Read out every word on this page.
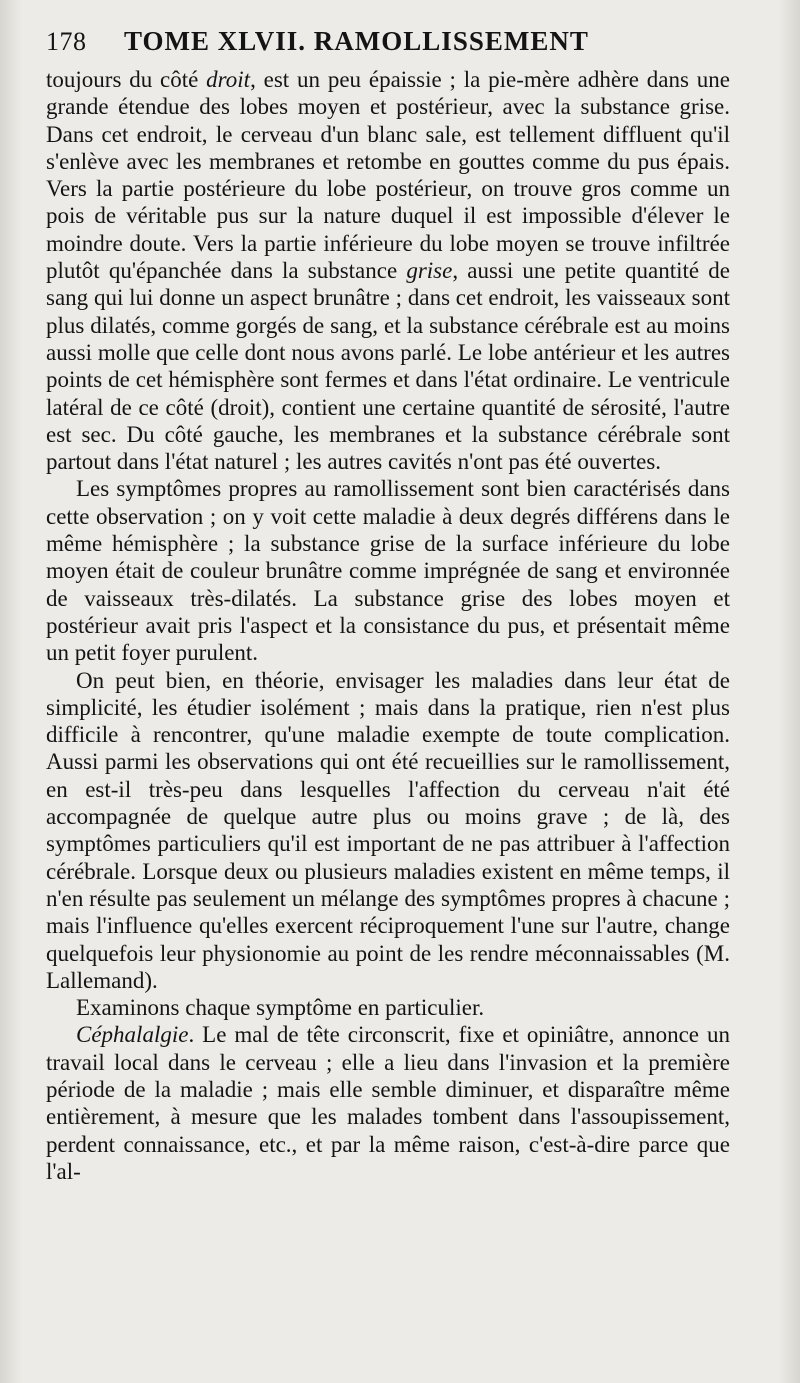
178	TOME XLVII. RAMOLLISSEMENT

toujours du côté droit, est un peu épaissie ; la pie-mère adhère dans une grande étendue des lobes moyen et postérieur, avec la substance grise. Dans cet endroit, le cerveau d'un blanc sale, est tellement diffluent qu'il s'enlève avec les membranes et retombe en gouttes comme du pus épais. Vers la partie postérieure du lobe postérieur, on trouve gros comme un pois de véritable pus sur la nature duquel il est impossible d'élever le moindre doute. Vers la partie inférieure du lobe moyen se trouve infiltrée plutôt qu'épanchée dans la substance grise, aussi une petite quantité de sang qui lui donne un aspect brunâtre ; dans cet endroit, les vaisseaux sont plus dilatés, comme gorgés de sang, et la substance cérébrale est au moins aussi molle que celle dont nous avons parlé. Le lobe antérieur et les autres points de cet hémisphère sont fermes et dans l'état ordinaire. Le ventricule latéral de ce côté (droit), contient une certaine quantité de sérosité, l'autre est sec. Du côté gauche, les membranes et la substance cérébrale sont partout dans l'état naturel ; les autres cavités n'ont pas été ouvertes.

Les symptômes propres au ramollissement sont bien caractérisés dans cette observation ; on y voit cette maladie à deux degrés différens dans le même hémisphère ; la substance grise de la surface inférieure du lobe moyen était de couleur brunâtre comme imprégnée de sang et environnée de vaisseaux très-dilatés. La substance grise des lobes moyen et postérieur avait pris l'aspect et la consistance du pus, et présentait même un petit foyer purulent.

On peut bien, en théorie, envisager les maladies dans leur état de simplicité, les étudier isolément ; mais dans la pratique, rien n'est plus difficile à rencontrer, qu'une maladie exempte de toute complication. Aussi parmi les observations qui ont été recueillies sur le ramollissement, en est-il très-peu dans lesquelles l'affection du cerveau n'ait été accompagnée de quelque autre plus ou moins grave ; de là, des symptômes particuliers qu'il est important de ne pas attribuer à l'affection cérébrale. Lorsque deux ou plusieurs maladies existent en même temps, il n'en résulte pas seulement un mélange des symptômes propres à chacune ; mais l'influence qu'elles exercent réciproquement l'une sur l'autre, change quelquefois leur physionomie au point de les rendre méconnaissables (M. Lallemand).

Examinons chaque symptôme en particulier.

Céphalalgie. Le mal de tête circonscrit, fixe et opiniâtre, annonce un travail local dans le cerveau ; elle a lieu dans l'invasion et la première période de la maladie ; mais elle semble diminuer, et disparaître même entièrement, à mesure que les malades tombent dans l'assoupissement, perdent connaissance, etc., et par la même raison, c'est-à-dire parce que l'al-
